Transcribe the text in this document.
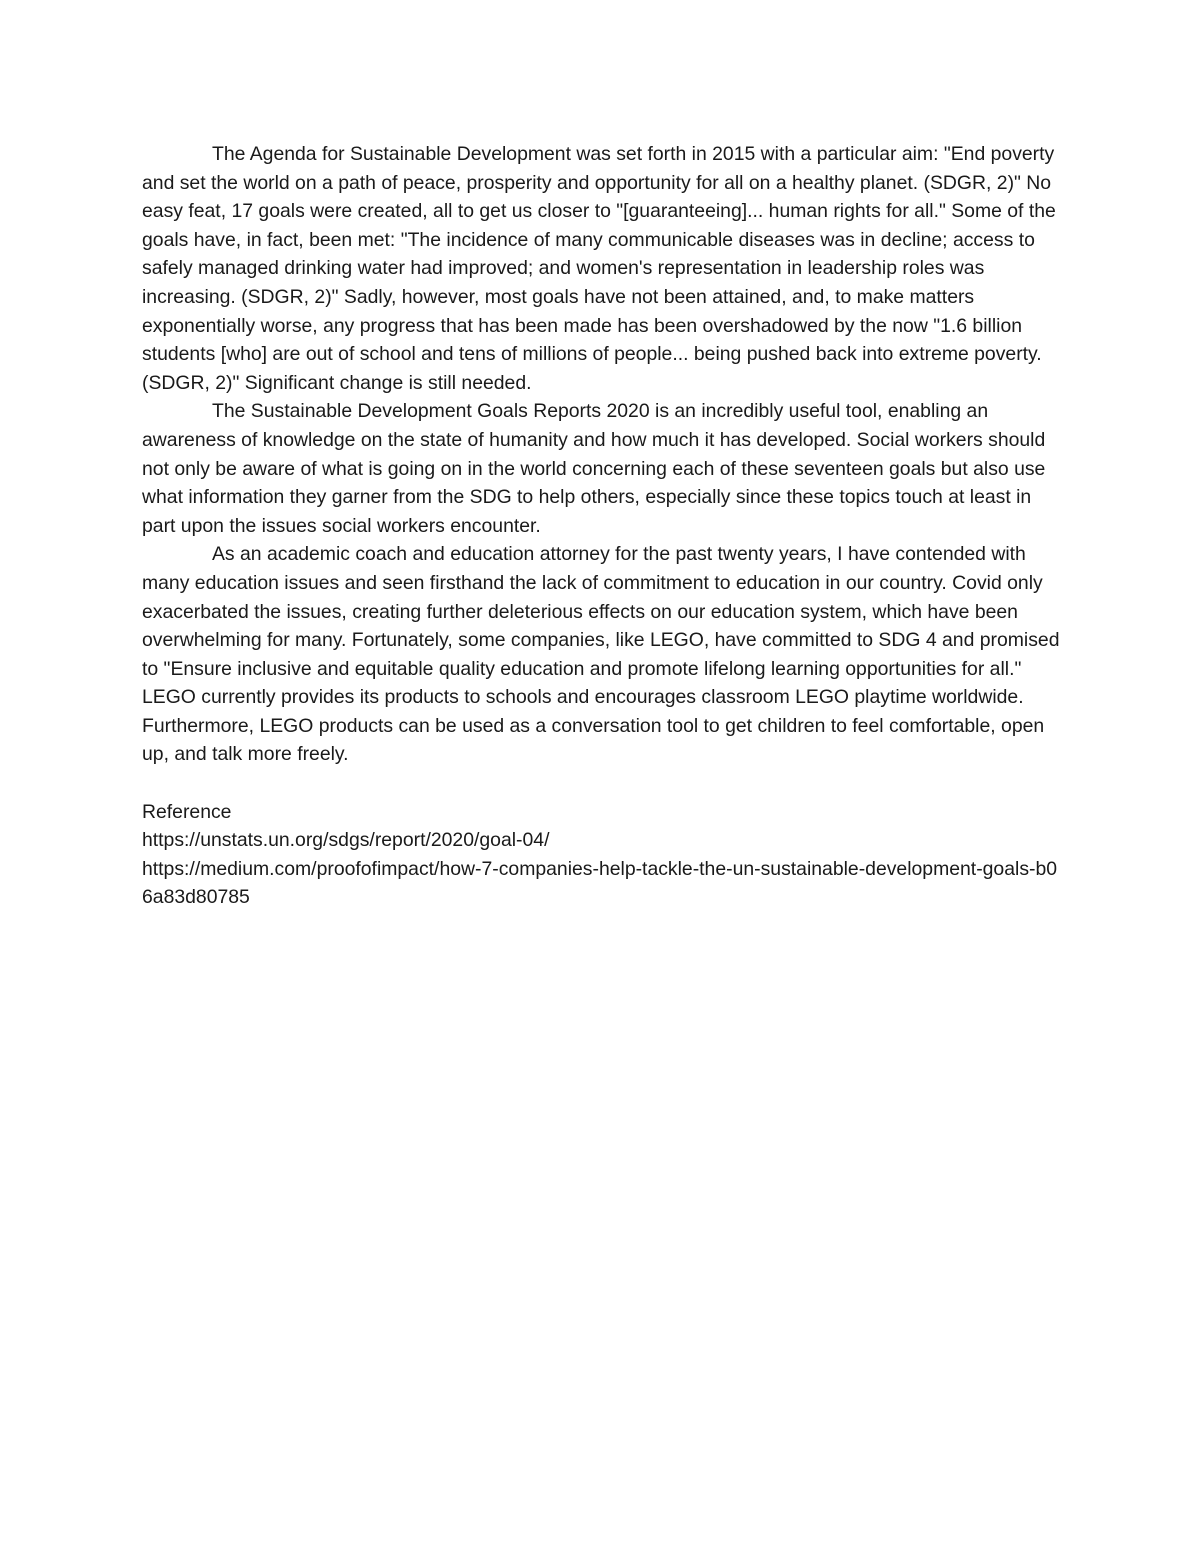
The Agenda for Sustainable Development was set forth in 2015 with a particular aim: "End poverty and set the world on a path of peace, prosperity and opportunity for all on a healthy planet. (SDGR, 2)" No easy feat, 17 goals were created, all to get us closer to "[guaranteeing]... human rights for all." Some of the goals have, in fact, been met: "The incidence of many communicable diseases was in decline; access to safely managed drinking water had improved; and women's representation in leadership roles was increasing. (SDGR, 2)" Sadly, however, most goals have not been attained, and, to make matters exponentially worse, any progress that has been made has been overshadowed by the now "1.6 billion students [who] are out of school and tens of millions of people... being pushed back into extreme poverty. (SDGR, 2)" Significant change is still needed.

The Sustainable Development Goals Reports 2020 is an incredibly useful tool, enabling an awareness of knowledge on the state of humanity and how much it has developed. Social workers should not only be aware of what is going on in the world concerning each of these seventeen goals but also use what information they garner from the SDG to help others, especially since these topics touch at least in part upon the issues social workers encounter.

As an academic coach and education attorney for the past twenty years, I have contended with many education issues and seen firsthand the lack of commitment to education in our country. Covid only exacerbated the issues, creating further deleterious effects on our education system, which have been overwhelming for many. Fortunately, some companies, like LEGO, have committed to SDG 4 and promised to "Ensure inclusive and equitable quality education and promote lifelong learning opportunities for all." LEGO currently provides its products to schools and encourages classroom LEGO playtime worldwide. Furthermore, LEGO products can be used as a conversation tool to get children to feel comfortable, open up, and talk more freely.

Reference
https://unstats.un.org/sdgs/report/2020/goal-04/
https://medium.com/proofofimpact/how-7-companies-help-tackle-the-un-sustainable-development-goals-b06a83d80785
